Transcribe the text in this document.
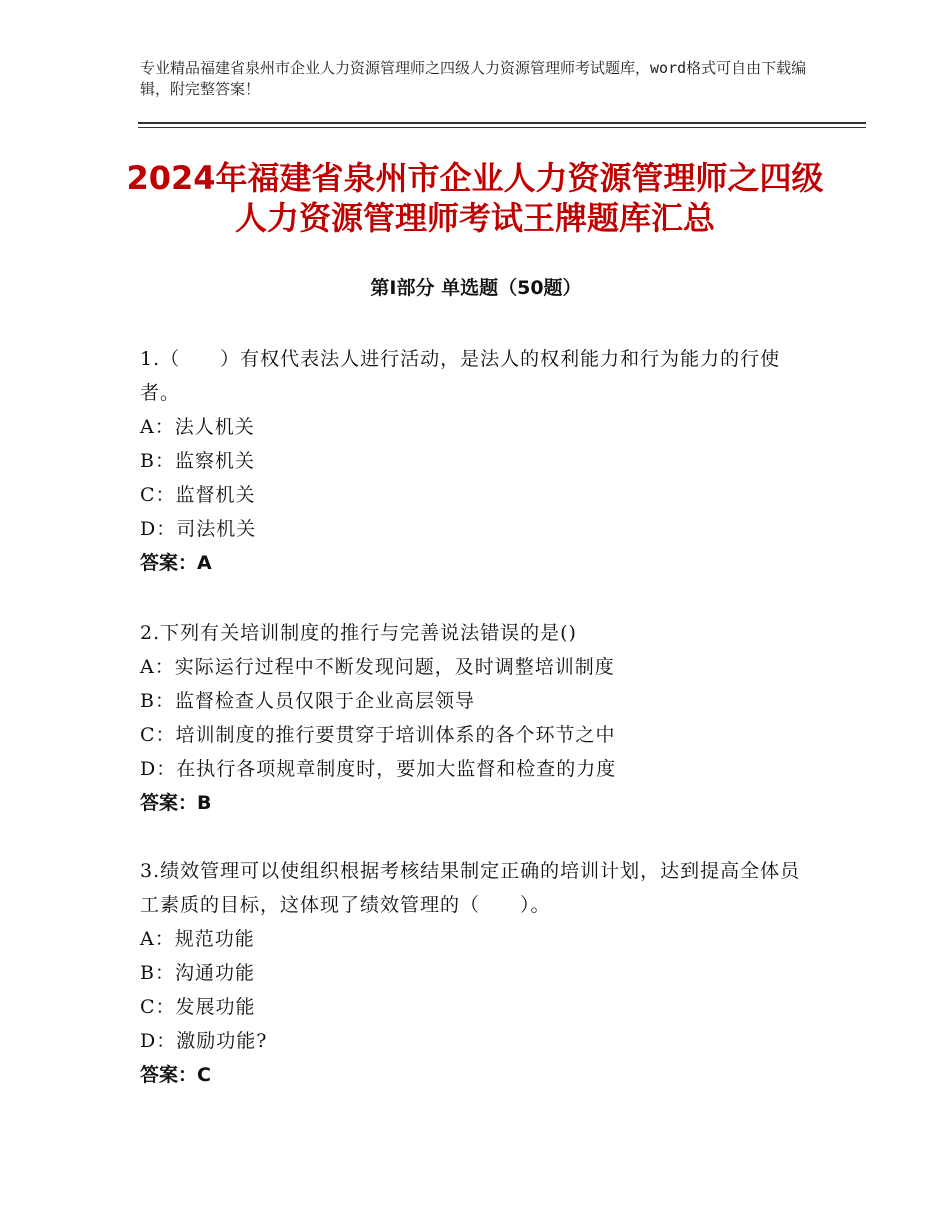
专业精品福建省泉州市企业人力资源管理师之四级人力资源管理师考试题库，word格式可自由下载编辑，附完整答案！
2024年福建省泉州市企业人力资源管理师之四级人力资源管理师考试王牌题库汇总
第Ⅰ部分 单选题（50题）

1.（　　）有权代表法人进行活动，是法人的权利能力和行为能力的行使者。

A：法人机关

B：监察机关

C：监督机关

D：司法机关

答案：A

2.下列有关培训制度的推行与完善说法错误的是()

A：实际运行过程中不断发现问题，及时调整培训制度

B：监督检查人员仅限于企业高层领导

C：培训制度的推行要贯穿于培训体系的各个环节之中

D：在执行各项规章制度时，要加大监督和检查的力度

答案：B

3.绩效管理可以使组织根据考核结果制定正确的培训计划，达到提高全体员工素质的目标，这体现了绩效管理的（　　）。

A：规范功能

B：沟通功能

C：发展功能

D：激励功能?

答案：C
